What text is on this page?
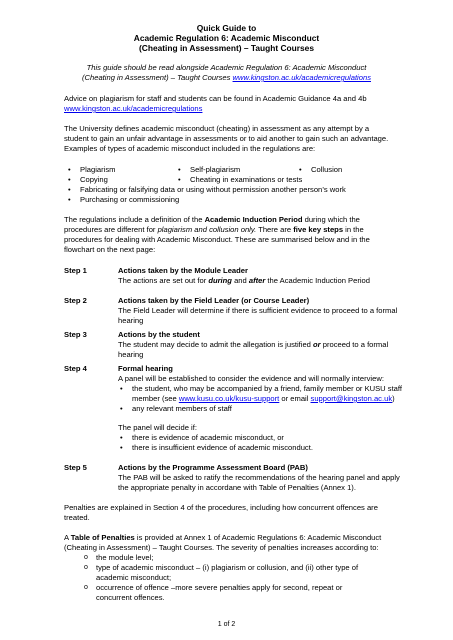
Quick Guide to
Academic Regulation 6: Academic Misconduct
(Cheating in Assessment) – Taught Courses
This guide should be read alongside Academic Regulation 6: Academic Misconduct
(Cheating in Assessment) – Taught Courses www.kingston.ac.uk/academicregulations
Advice on plagiarism for staff and students can be found in Academic Guidance 4a and 4b
www.kingston.ac.uk/academicregulations
The University defines academic misconduct (cheating) in assessment as any attempt by a
student to gain an unfair advantage in assessments or to aid another to gain such an advantage.
Examples of types of academic misconduct included in the regulations are:
• Plagiarism	• Self-plagiarism	• Collusion
• Copying	• Cheating in examinations or tests
• Fabricating or falsifying data or using without permission another person’s work
• Purchasing or commissioning
The regulations include a definition of the Academic Induction Period during which the
procedures are different for plagiarism and collusion only. There are five key steps in the
procedures for dealing with Academic Misconduct. These are summarised below and in the
flowchart on the next page:
Step 1	Actions taken by the Module Leader
The actions are set out for during and after the Academic Induction Period
Step 2	Actions taken by the Field Leader (or Course Leader)
The Field Leader will determine if there is sufficient evidence to proceed to a formal
hearing
Step 3	Actions by the student
The student may decide to admit the allegation is justified or proceed to a formal
hearing
Step 4	Formal hearing
A panel will be established to consider the evidence and will normally interview:
• the student, who may be accompanied by a friend, family member or KUSU staff
member (see www.kusu.co.uk/kusu-support or email support@kingston.ac.uk)
• any relevant members of staff
The panel will decide if:
• there is evidence of academic misconduct, or
• there is insufficient evidence of academic misconduct.
Step 5	Actions by the Programme Assessment Board (PAB)
The PAB will be asked to ratify the recommendations of the hearing panel and apply
the appropriate penalty in accordane with Table of Penalties (Annex 1).
Penalties are explained in Section 4 of the procedures, including how concurrent offences are
treated.
A Table of Penalties is provided at Annex 1 of Academic Regulations 6: Academic Misconduct
(Cheating in Assessment) – Taught Courses. The severity of penalties increases according to:
o the module level;
o type of academic misconduct – (i) plagiarism or collusion, and (ii) other type of
academic misconduct;
o occurrence of offence –more severe penalties apply for second, repeat or
concurrent offences.
1 of 2
